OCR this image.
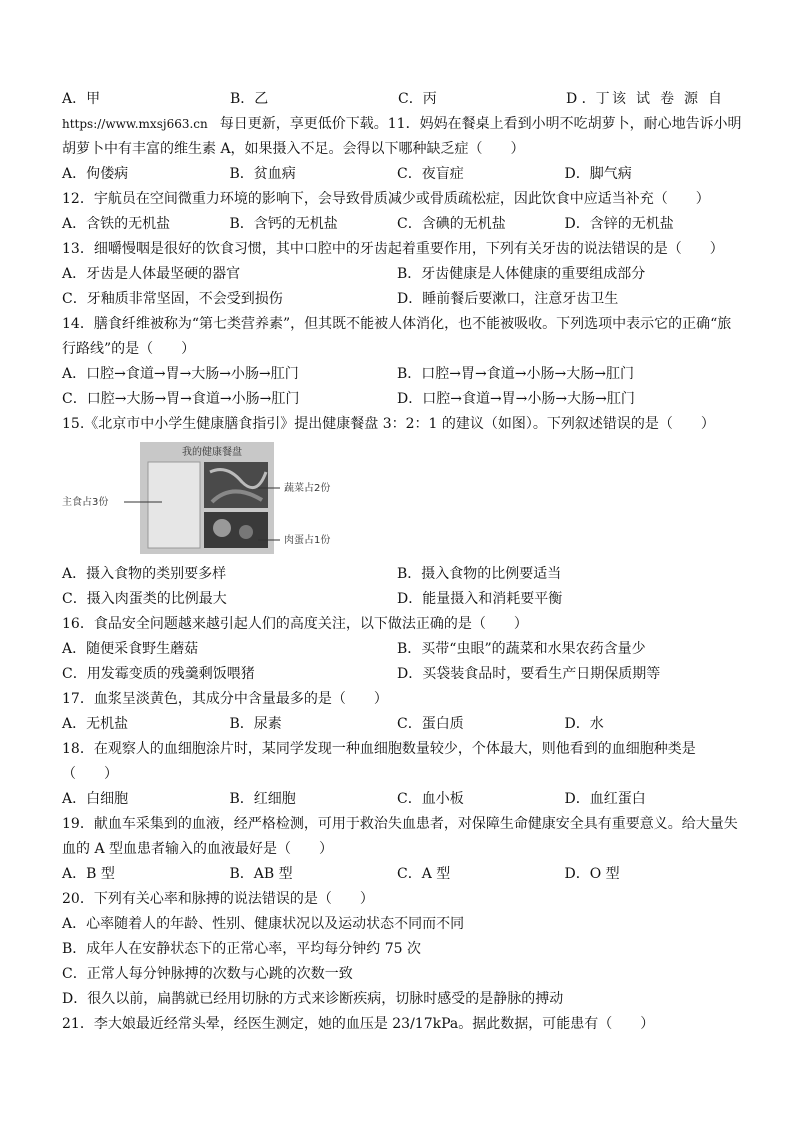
A．甲	B．乙	C．丙	D ．丁 该试卷源自
https://www.mxsj663.cn 每日更新，享更低价下载。11．妈妈在餐桌上看到小明不吃胡萝卜，耐心地告诉小明
胡萝卜中有丰富的维生素 A，如果摄入不足。会得以下哪种缺乏症（　　）
A．佝偻病	B．贫血病	C．夜盲症	D．脚气病
12．宇航员在空间微重力环境的影响下，会导致骨质减少或骨质疏松症，因此饮食中应适当补充（　　）
A．含铁的无机盐	B．含钙的无机盐	C．含碘的无机盐	D．含锌的无机盐
13．细嚼慢咽是很好的饮食习惯，其中口腔中的牙齿起着重要作用，下列有关牙齿的说法错误的是（　　）
A．牙齿是人体最坚硬的器官	B．牙齿健康是人体健康的重要组成部分
C．牙釉质非常坚固，不会受到损伤	D．睡前餐后要漱口，注意牙齿卫生
14．膳食纤维被称为“第七类营养素”，但其既不能被人体消化，也不能被吸收。下列选项中表示它的正确“旅
行路线”的是（　　）
A．口腔→食道→胃→大肠→小肠→肛门	B．口腔→胃→食道→小肠→大肠→肛门
C．口腔→大肠→胃→食道→小肠→肛门	D．口腔→食道→胃→小肠→大肠→肛门
15.《北京市中小学生健康膳食指引》提出健康餐盘 3：2：1 的建议（如图）。下列叙述错误的是（　　）
我的健康餐盘
主食占3份
蔬菜占2份
肉蛋占1份
A．摄入食物的类别要多样	B．摄入食物的比例要适当
C．摄入肉蛋类的比例最大	D．能量摄入和消耗要平衡
16．食品安全问题越来越引起人们的高度关注，以下做法正确的是（　　）
A．随便采食野生蘑菇	B．买带“虫眼”的蔬菜和水果农药含量少
C．用发霉变质的残羹剩饭喂猪	D．买袋装食品时，要看生产日期保质期等
17．血浆呈淡黄色，其成分中含量最多的是（　　）
A．无机盐	B．尿素	C．蛋白质	D．水
18．在观察人的血细胞涂片时，某同学发现一种血细胞数量较少，个体最大，则他看到的血细胞种类是
（　　）
A．白细胞	B．红细胞	C．血小板	D．血红蛋白
19．献血车采集到的血液，经严格检测，可用于救治失血患者，对保障生命健康安全具有重要意义。给大量失
血的 A 型血患者输入的血液最好是（　　）
A．B 型	B．AB 型	C．A 型	D．O 型
20．下列有关心率和脉搏的说法错误的是（　　）
A．心率随着人的年龄、性别、健康状况以及运动状态不同而不同
B．成年人在安静状态下的正常心率，平均每分钟约 75 次
C．正常人每分钟脉搏的次数与心跳的次数一致
D．很久以前，扁鹊就已经用切脉的方式来诊断疾病，切脉时感受的是静脉的搏动
21．李大娘最近经常头晕，经医生测定，她的血压是 23/17kPa。据此数据，可能患有（　　）
